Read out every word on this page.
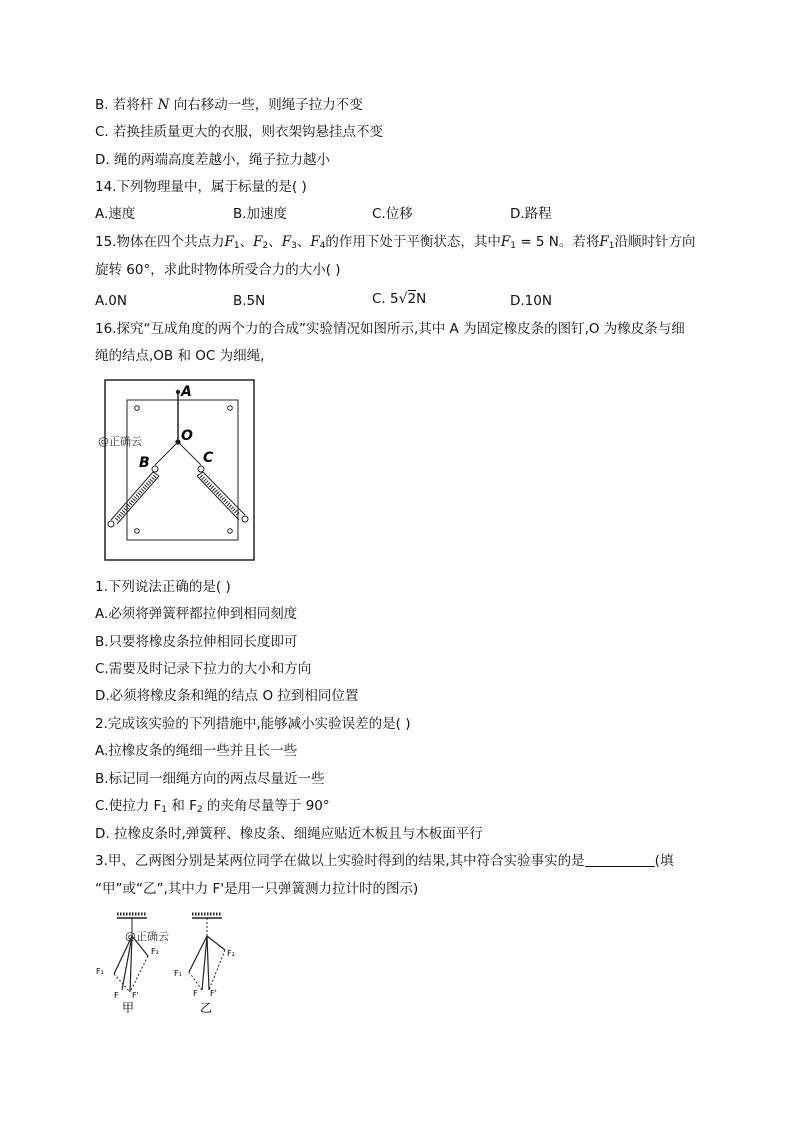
B. 若将杆 N 向右移动一些，则绳子拉力不变
C. 若换挂质量更大的衣服，则衣架钩悬挂点不变
D. 绳的两端高度差越小，绳子拉力越小
14.下列物理量中，属于标量的是( )
A.速度	B.加速度	C.位移	D.路程
15.物体在四个共点力$F_1$、$F_2$、$F_3$、$F_4$的作用下处于平衡状态，其中$F_1 = 5$ N。若将$F_1$沿顺时针方向
旋转 60°，求此时物体所受合力的大小( )
A.0N	B.5N	C. 5√2N	D.10N
16.探究“互成角度的两个力的合成”实验情况如图所示,其中 A 为固定橡皮条的图钉,O 为橡皮条与细
绳的结点,OB 和 OC 为细绳,
A
O
B	C
@正确云
1.下列说法正确的是( )
A.必须将弹簧秤都拉伸到相同刻度
B.只要将橡皮条拉伸相同长度即可
C.需要及时记录下拉力的大小和方向
D.必须将橡皮条和绳的结点 O 拉到相同位置
2.完成该实验的下列措施中,能够减小实验误差的是( )
A.拉橡皮条的绳细一些并且长一些
B.标记同一细绳方向的两点尽量近一些
C.使拉力 $F_1$ 和 $F_2$ 的夹角尽量等于 90°
D. 拉橡皮条时,弹簧秤、橡皮条、细绳应贴近木板且与木板面平行
3.甲、乙两图分别是某两位同学在做以上实验时得到的结果,其中符合实验事实的是	(填
“甲”或“乙”,其中力 F'是用一只弹簧测力拉计时的图示)
F₁
F₂
F F'
甲
F₁
F₂
F F'
乙
@正确云
